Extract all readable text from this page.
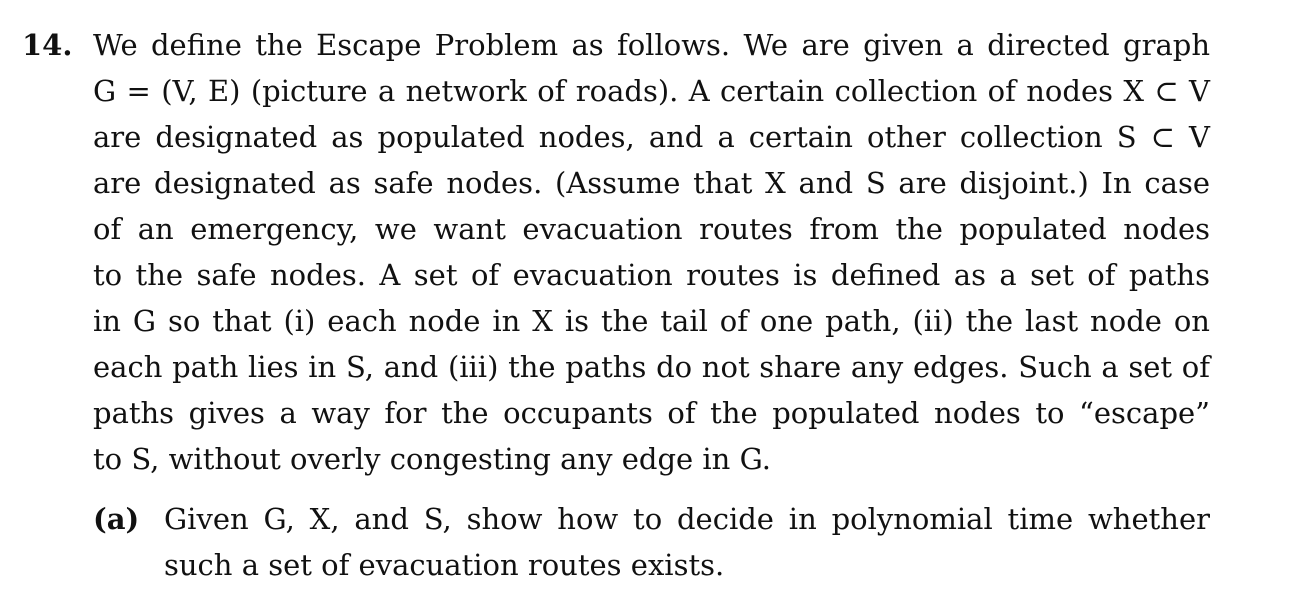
14. We define the Escape Problem as follows. We are given a directed graph
G = (V, E) (picture a network of roads). A certain collection of nodes X ⊂ V
are designated as populated nodes, and a certain other collection S ⊂ V
are designated as safe nodes. (Assume that X and S are disjoint.) In case
of an emergency, we want evacuation routes from the populated nodes
to the safe nodes. A set of evacuation routes is defined as a set of paths
in G so that (i) each node in X is the tail of one path, (ii) the last node on
each path lies in S, and (iii) the paths do not share any edges. Such a set of
paths gives a way for the occupants of the populated nodes to “escape”
to S, without overly congesting any edge in G.
(a) Given G, X, and S, show how to decide in polynomial time whether
such a set of evacuation routes exists.
